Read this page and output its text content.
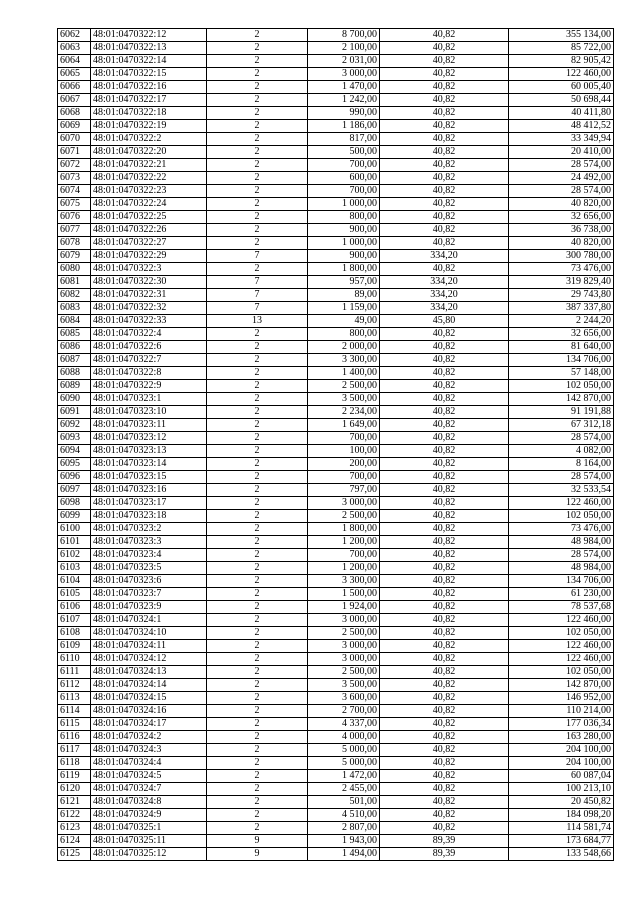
6062	48:01:0470322:12	2	8 700,00	40,82	355 134,00
6063	48:01:0470322:13	2	2 100,00	40,82	85 722,00
6064	48:01:0470322:14	2	2 031,00	40,82	82 905,42
6065	48:01:0470322:15	2	3 000,00	40,82	122 460,00
6066	48:01:0470322:16	2	1 470,00	40,82	60 005,40
6067	48:01:0470322:17	2	1 242,00	40,82	50 698,44
6068	48:01:0470322:18	2	990,00	40,82	40 411,80
6069	48:01:0470322:19	2	1 186,00	40,82	48 412,52
6070	48:01:0470322:2	2	817,00	40,82	33 349,94
6071	48:01:0470322:20	2	500,00	40,82	20 410,00
6072	48:01:0470322:21	2	700,00	40,82	28 574,00
6073	48:01:0470322:22	2	600,00	40,82	24 492,00
6074	48:01:0470322:23	2	700,00	40,82	28 574,00
6075	48:01:0470322:24	2	1 000,00	40,82	40 820,00
6076	48:01:0470322:25	2	800,00	40,82	32 656,00
6077	48:01:0470322:26	2	900,00	40,82	36 738,00
6078	48:01:0470322:27	2	1 000,00	40,82	40 820,00
6079	48:01:0470322:29	7	900,00	334,20	300 780,00
6080	48:01:0470322:3	2	1 800,00	40,82	73 476,00
6081	48:01:0470322:30	7	957,00	334,20	319 829,40
6082	48:01:0470322:31	7	89,00	334,20	29 743,80
6083	48:01:0470322:32	7	1 159,00	334,20	387 337,80
6084	48:01:0470322:33	13	49,00	45,80	2 244,20
6085	48:01:0470322:4	2	800,00	40,82	32 656,00
6086	48:01:0470322:6	2	2 000,00	40,82	81 640,00
6087	48:01:0470322:7	2	3 300,00	40,82	134 706,00
6088	48:01:0470322:8	2	1 400,00	40,82	57 148,00
6089	48:01:0470322:9	2	2 500,00	40,82	102 050,00
6090	48:01:0470323:1	2	3 500,00	40,82	142 870,00
6091	48:01:0470323:10	2	2 234,00	40,82	91 191,88
6092	48:01:0470323:11	2	1 649,00	40,82	67 312,18
6093	48:01:0470323:12	2	700,00	40,82	28 574,00
6094	48:01:0470323:13	2	100,00	40,82	4 082,00
6095	48:01:0470323:14	2	200,00	40,82	8 164,00
6096	48:01:0470323:15	2	700,00	40,82	28 574,00
6097	48:01:0470323:16	2	797,00	40,82	32 533,54
6098	48:01:0470323:17	2	3 000,00	40,82	122 460,00
6099	48:01:0470323:18	2	2 500,00	40,82	102 050,00
6100	48:01:0470323:2	2	1 800,00	40,82	73 476,00
6101	48:01:0470323:3	2	1 200,00	40,82	48 984,00
6102	48:01:0470323:4	2	700,00	40,82	28 574,00
6103	48:01:0470323:5	2	1 200,00	40,82	48 984,00
6104	48:01:0470323:6	2	3 300,00	40,82	134 706,00
6105	48:01:0470323:7	2	1 500,00	40,82	61 230,00
6106	48:01:0470323:9	2	1 924,00	40,82	78 537,68
6107	48:01:0470324:1	2	3 000,00	40,82	122 460,00
6108	48:01:0470324:10	2	2 500,00	40,82	102 050,00
6109	48:01:0470324:11	2	3 000,00	40,82	122 460,00
6110	48:01:0470324:12	2	3 000,00	40,82	122 460,00
6111	48:01:0470324:13	2	2 500,00	40,82	102 050,00
6112	48:01:0470324:14	2	3 500,00	40,82	142 870,00
6113	48:01:0470324:15	2	3 600,00	40,82	146 952,00
6114	48:01:0470324:16	2	2 700,00	40,82	110 214,00
6115	48:01:0470324:17	2	4 337,00	40,82	177 036,34
6116	48:01:0470324:2	2	4 000,00	40,82	163 280,00
6117	48:01:0470324:3	2	5 000,00	40,82	204 100,00
6118	48:01:0470324:4	2	5 000,00	40,82	204 100,00
6119	48:01:0470324:5	2	1 472,00	40,82	60 087,04
6120	48:01:0470324:7	2	2 455,00	40,82	100 213,10
6121	48:01:0470324:8	2	501,00	40,82	20 450,82
6122	48:01:0470324:9	2	4 510,00	40,82	184 098,20
6123	48:01:0470325:1	2	2 807,00	40,82	114 581,74
6124	48:01:0470325:11	9	1 943,00	89,39	173 684,77
6125	48:01:0470325:12	9	1 494,00	89,39	133 548,66
